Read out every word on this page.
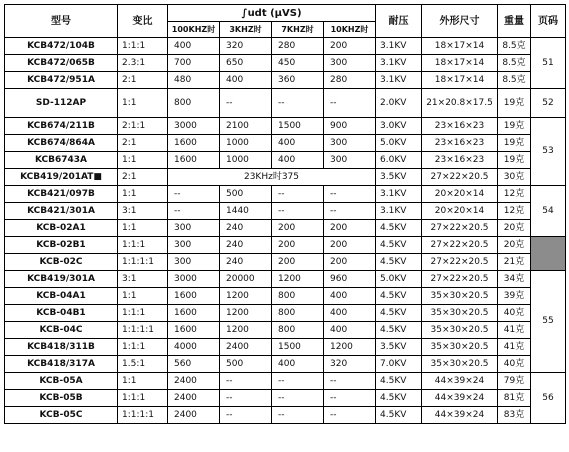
型号	变比	∫udt (μVS)				耐压	外形尺寸	重量	页码
		100KHZ时	3KHZ时	7KHZ时	10KHZ时				
KCB472/104B	1:1:1	400	320	280	200	3.1KV	18×17×14	8.5克	51
KCB472/065B	2.3:1	700	650	450	300	3.1KV	18×17×14	8.5克	
KCB472/951A	2:1	480	400	360	280	3.1KV	18×17×14	8.5克	
SD-112AP	1:1	800	--	--	--	2.0KV	21×20.8×17.5	19克	52
KCB674/211B	2:1:1	3000	2100	1500	900	3.0KV	23×16×23	19克	53
KCB674/864A	2:1	1600	1000	400	300	5.0KV	23×16×23	19克	
KCB6743A	1:1	1600	1000	400	300	6.0KV	23×16×23	19克	
KCB419/201AT■	2:1	23KHz时375				3.5KV	27×22×20.5	30克	
KCB421/097B	1:1	--	500	--	--	3.1KV	20×20×14	12克	54
KCB421/301A	3:1	--	1440	--	--	3.1KV	20×20×14	12克	
KCB-02A1	1:1	300	240	200	200	4.5KV	27×22×20.5	20克	
KCB-02B1	1:1:1	300	240	200	200	4.5KV	27×22×20.5	20克	
KCB-02C	1:1:1:1	300	240	200	200	4.5KV	27×22×20.5	21克	
KCB419/301A	3:1	3000	20000	1200	960	5.0KV	27×22×20.5	34克	55
KCB-04A1	1:1	1600	1200	800	400	4.5KV	35×30×20.5	39克	
KCB-04B1	1:1:1	1600	1200	800	400	4.5KV	35×30×20.5	40克	
KCB-04C	1:1:1:1	1600	1200	800	400	4.5KV	35×30×20.5	41克	
KCB418/311B	1:1:1	4000	2400	1500	1200	3.5KV	35×30×20.5	41克	
KCB418/317A	1.5:1	560	500	400	320	7.0KV	35×30×20.5	40克	
KCB-05A	1:1	2400	--	--	--	4.5KV	44×39×24	79克	56
KCB-05B	1:1:1	2400	--	--	--	4.5KV	44×39×24	81克	
KCB-05C	1:1:1:1	2400	--	--	--	4.5KV	44×39×24	83克	
